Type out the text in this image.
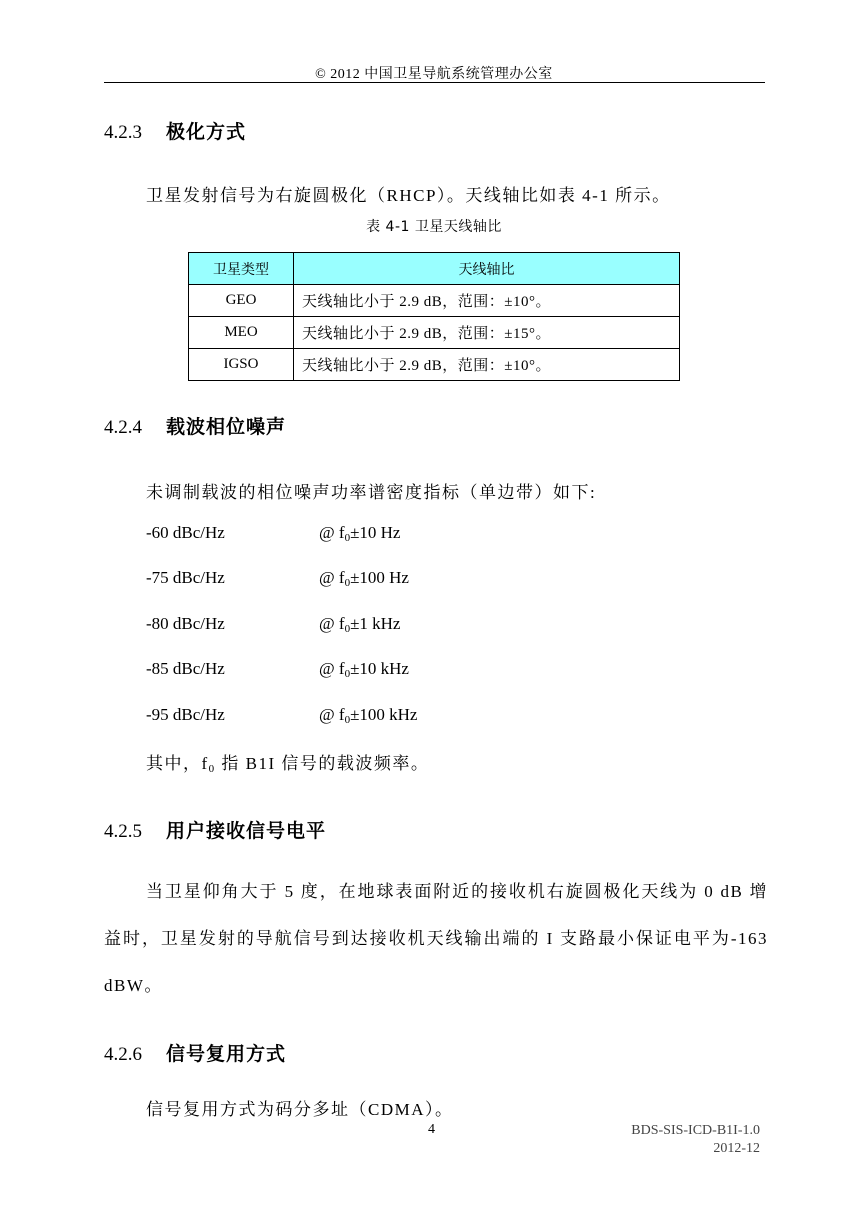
© 2012 中国卫星导航系统管理办公室
4.2.3 极化方式
卫星发射信号为右旋圆极化（RHCP）。天线轴比如表 4-1 所示。
表 4-1 卫星天线轴比
卫星类型	天线轴比
GEO	天线轴比小于 2.9 dB，范围：±10°。
MEO	天线轴比小于 2.9 dB，范围：±15°。
IGSO	天线轴比小于 2.9 dB，范围：±10°。
4.2.4 载波相位噪声
未调制载波的相位噪声功率谱密度指标（单边带）如下:
-60 dBc/Hz	@ $f_0\pm 10$ Hz
-75 dBc/Hz	@ $f_0\pm 100$ Hz
-80 dBc/Hz	@ $f_0\pm 1$ kHz
-85 dBc/Hz	@ $f_0\pm 10$ kHz
-95 dBc/Hz	@ $f_0\pm 100$ kHz
其中，$f_0$ 指 B1I 信号的载波频率。
4.2.5 用户接收信号电平
当卫星仰角大于 5 度，在地球表面附近的接收机右旋圆极化天线为 0 dB 增益时，卫星发射的导航信号到达接收机天线输出端的 I 支路最小保证电平为-163 dBW。
4.2.6 信号复用方式
信号复用方式为码分多址（CDMA）。
4	BDS-SIS-ICD-B1I-1.0
2012-12
